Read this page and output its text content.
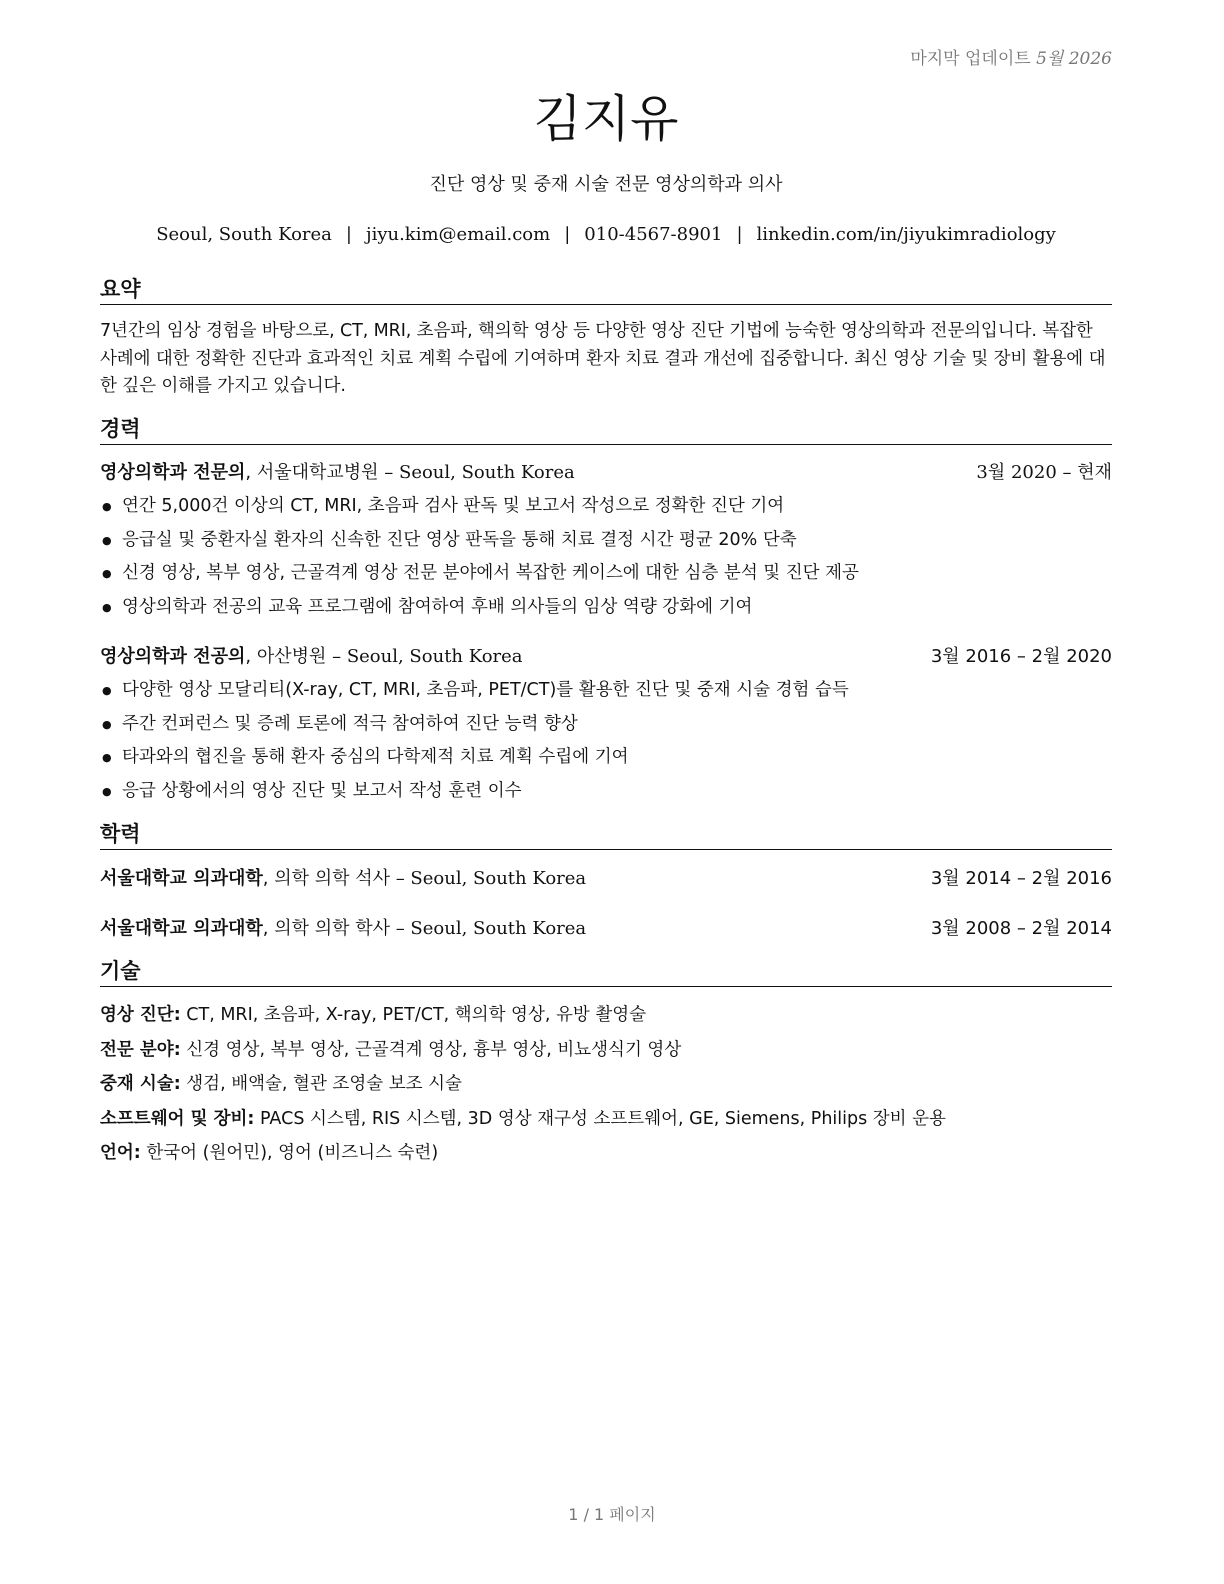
마지막 업데이트 5월 2026
김지유
진단 영상 및 중재 시술 전문 영상의학과 의사
Seoul, South Korea | jiyu.kim@email.com | 010-4567-8901 | linkedin.com/in/jiyukimradiology
요약
7년간의 임상 경험을 바탕으로, CT, MRI, 초음파, 핵의학 영상 등 다양한 영상 진단 기법에 능숙한 영상의학과 전문의입니다. 복잡한 사례에 대한 정확한 진단과 효과적인 치료 계획 수립에 기여하며 환자 치료 결과 개선에 집중합니다. 최신 영상 기술 및 장비 활용에 대한 깊은 이해를 가지고 있습니다.
경력
영상의학과 전문의, 서울대학교병원 – Seoul, South Korea	3월 2020 – 현재
● 연간 5,000건 이상의 CT, MRI, 초음파 검사 판독 및 보고서 작성으로 정확한 진단 기여
● 응급실 및 중환자실 환자의 신속한 진단 영상 판독을 통해 치료 결정 시간 평균 20% 단축
● 신경 영상, 복부 영상, 근골격계 영상 전문 분야에서 복잡한 케이스에 대한 심층 분석 및 진단 제공
● 영상의학과 전공의 교육 프로그램에 참여하여 후배 의사들의 임상 역량 강화에 기여
영상의학과 전공의, 아산병원 – Seoul, South Korea	3월 2016 – 2월 2020
● 다양한 영상 모달리티(X-ray, CT, MRI, 초음파, PET/CT)를 활용한 진단 및 중재 시술 경험 습득
● 주간 컨퍼런스 및 증례 토론에 적극 참여하여 진단 능력 향상
● 타과와의 협진을 통해 환자 중심의 다학제적 치료 계획 수립에 기여
● 응급 상황에서의 영상 진단 및 보고서 작성 훈련 이수
학력
서울대학교 의과대학, 의학 의학 석사 – Seoul, South Korea	3월 2014 – 2월 2016
서울대학교 의과대학, 의학 의학 학사 – Seoul, South Korea	3월 2008 – 2월 2014
기술
영상 진단: CT, MRI, 초음파, X-ray, PET/CT, 핵의학 영상, 유방 촬영술
전문 분야: 신경 영상, 복부 영상, 근골격계 영상, 흉부 영상, 비뇨생식기 영상
중재 시술: 생검, 배액술, 혈관 조영술 보조 시술
소프트웨어 및 장비: PACS 시스템, RIS 시스템, 3D 영상 재구성 소프트웨어, GE, Siemens, Philips 장비 운용
언어: 한국어 (원어민), 영어 (비즈니스 숙련)
1 / 1 페이지
